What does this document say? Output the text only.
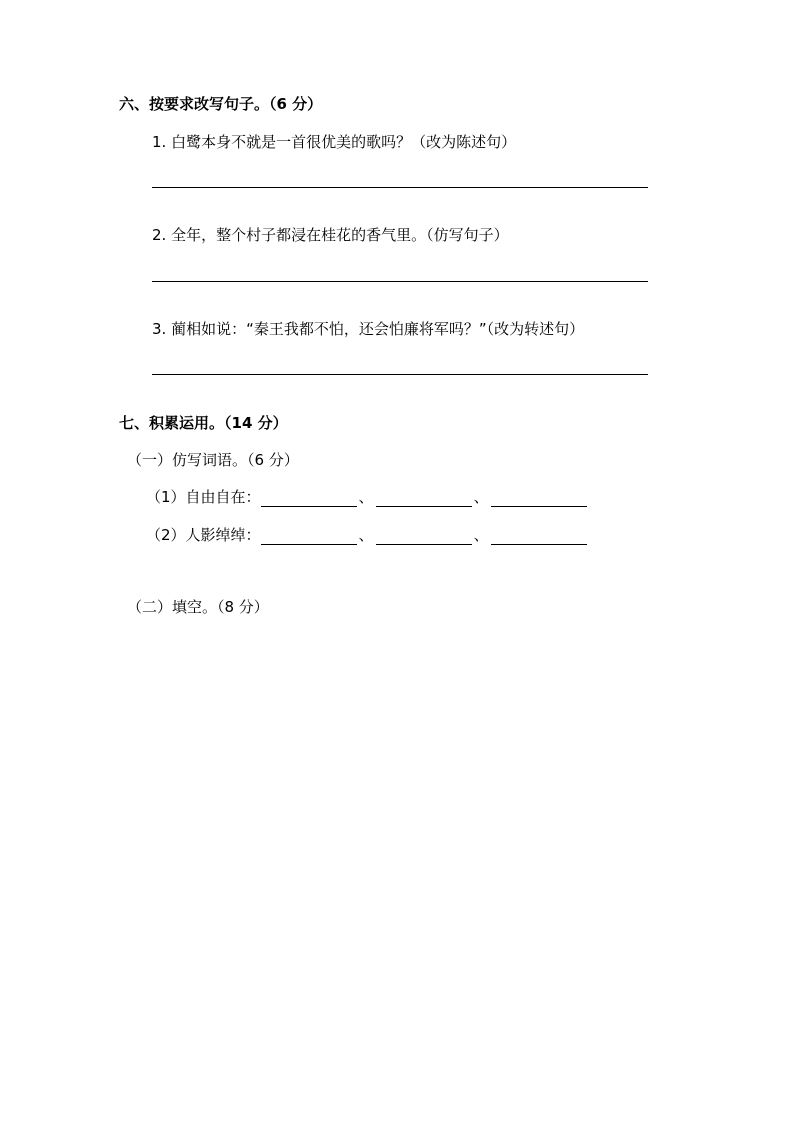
六、按要求改写句子。（6 分）
1. 白鹭本身不就是一首很优美的歌吗？（改为陈述句）
2. 全年，整个村子都浸在桂花的香气里。（仿写句子）
3. 蔺相如说：“秦王我都不怕，还会怕廉将军吗？”（改为转述句）
七、积累运用。（14 分）
（一）仿写词语。（6 分）
（1）自由自在：	、	、
（2）人影绰绰：	、	、
（二）填空。（8 分）
